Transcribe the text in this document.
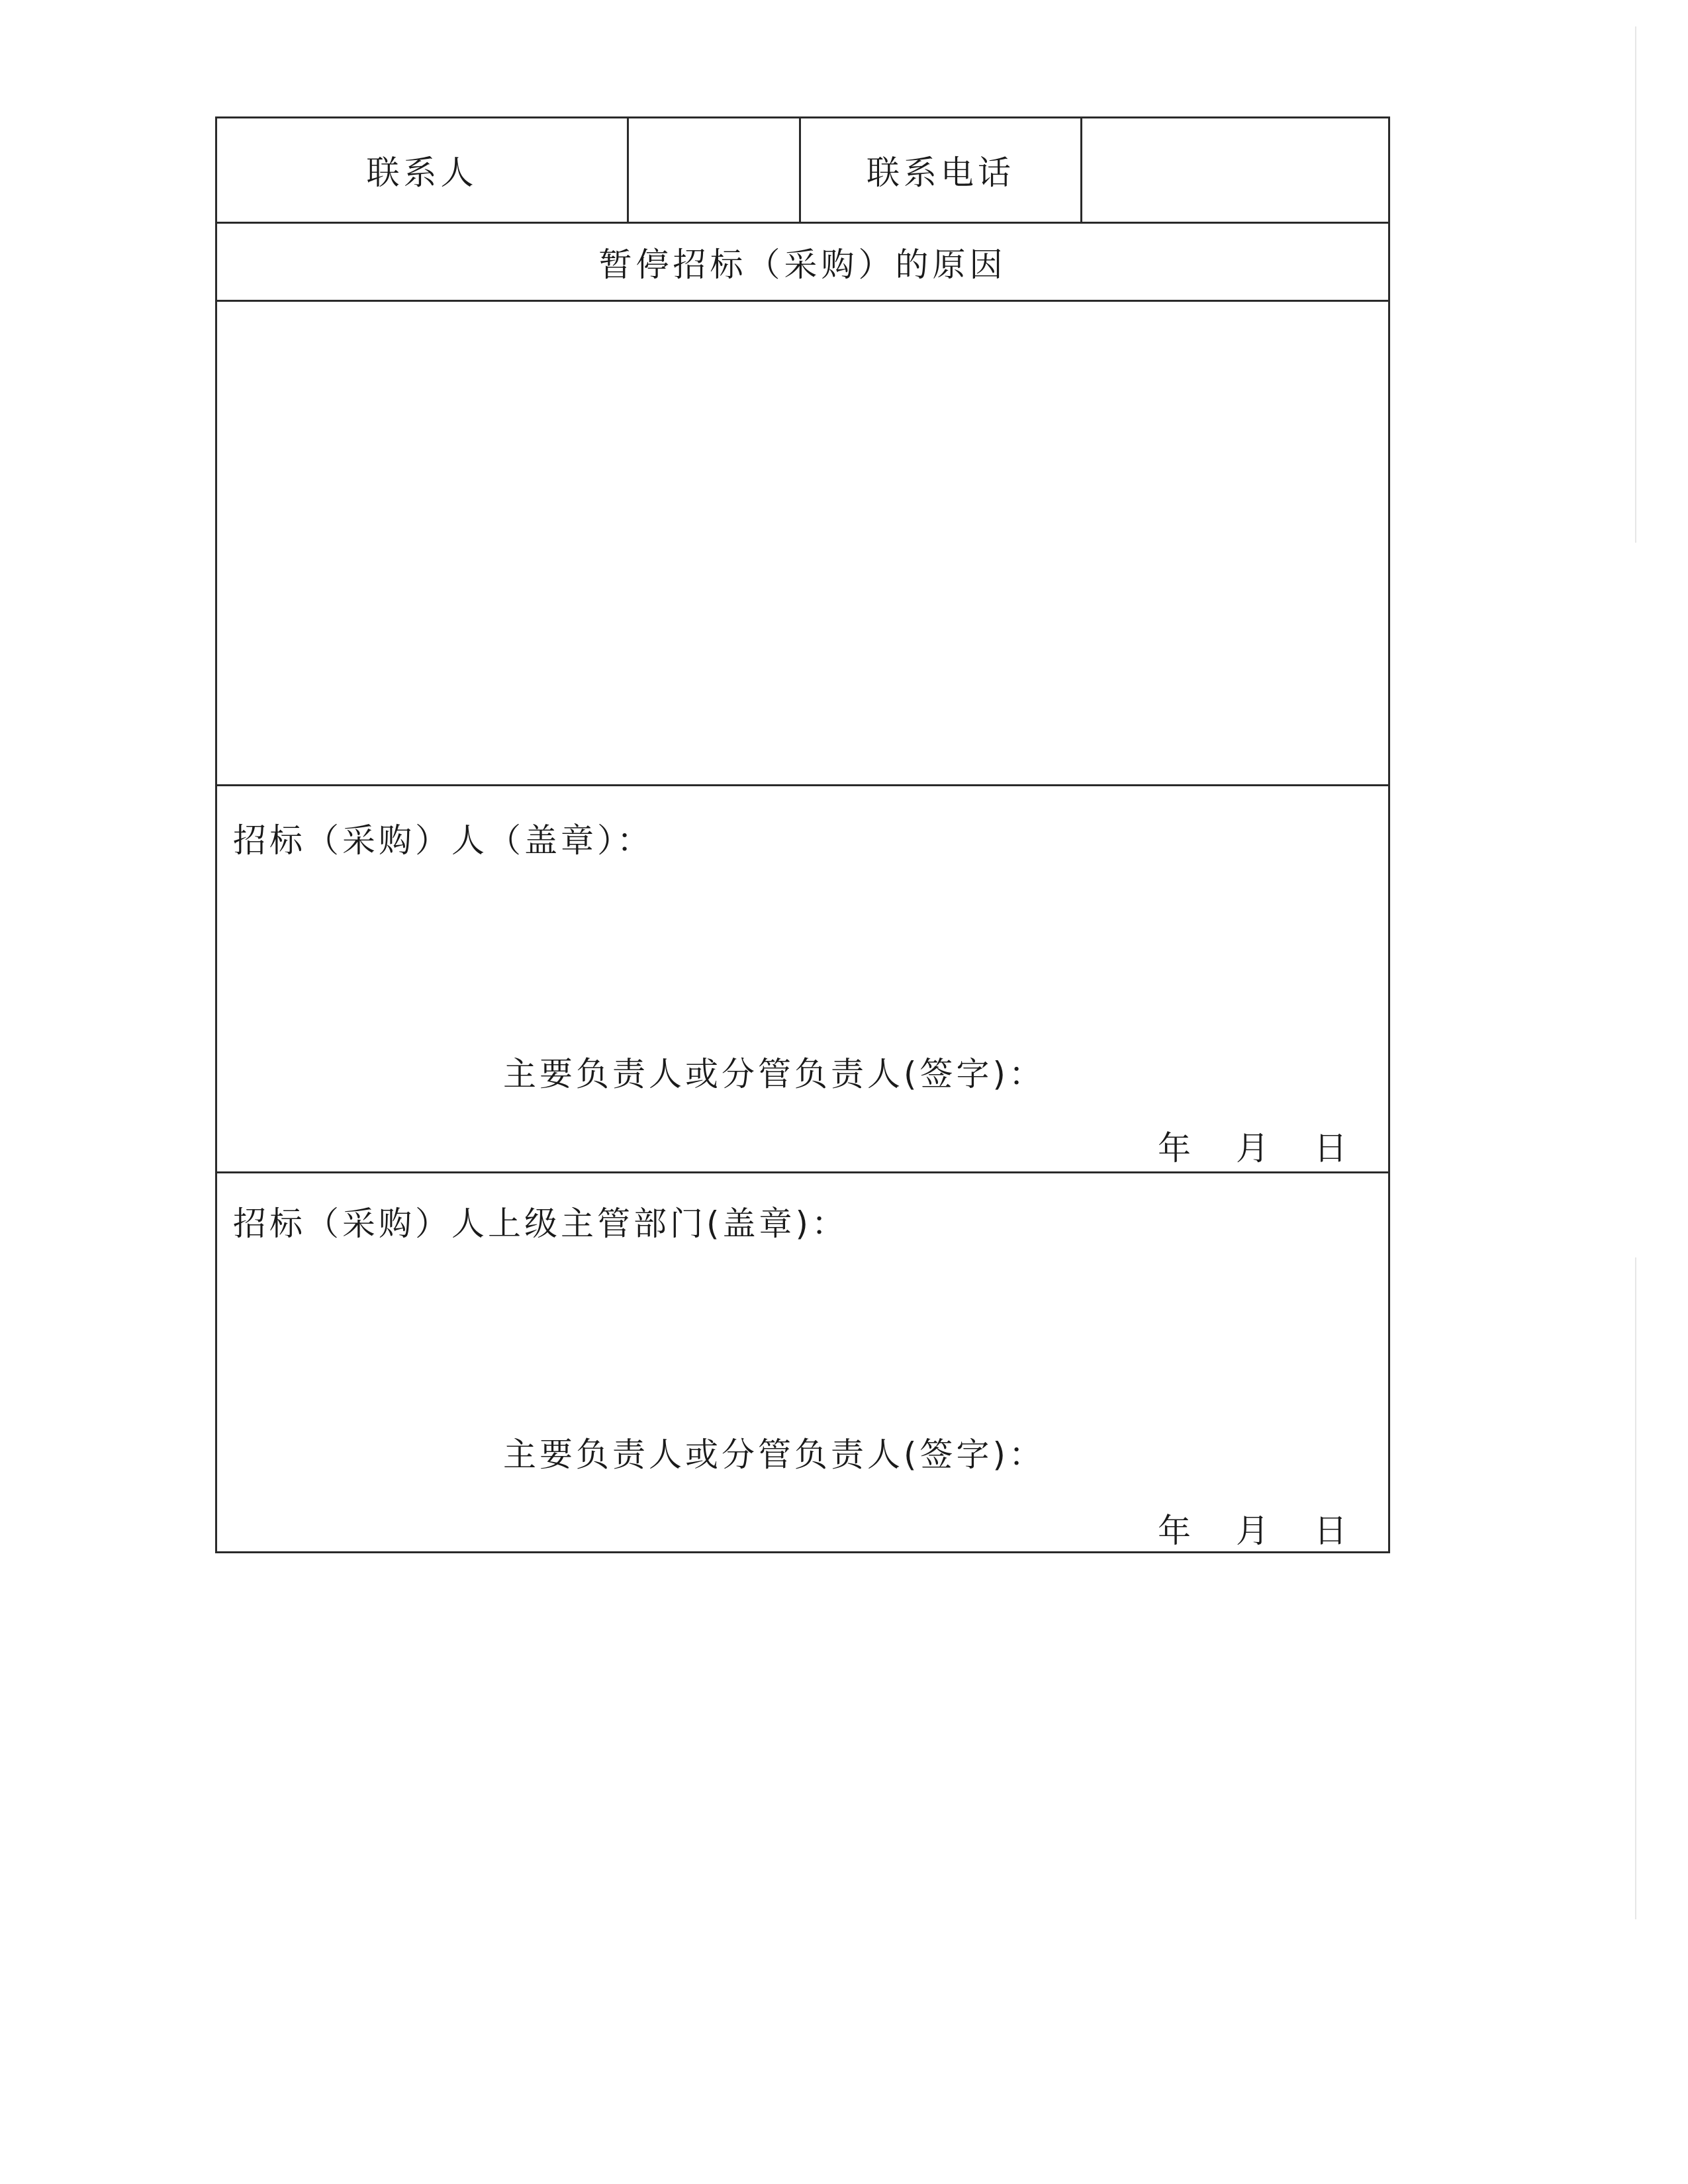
联系人	联系电话
暂停招标（采购）的原因
招标（采购）人（盖章）：
主要负责人或分管负责人(签字)：
年 月 日
招标（采购）人上级主管部门(盖章)：
主要负责人或分管负责人(签字)：
年 月 日
